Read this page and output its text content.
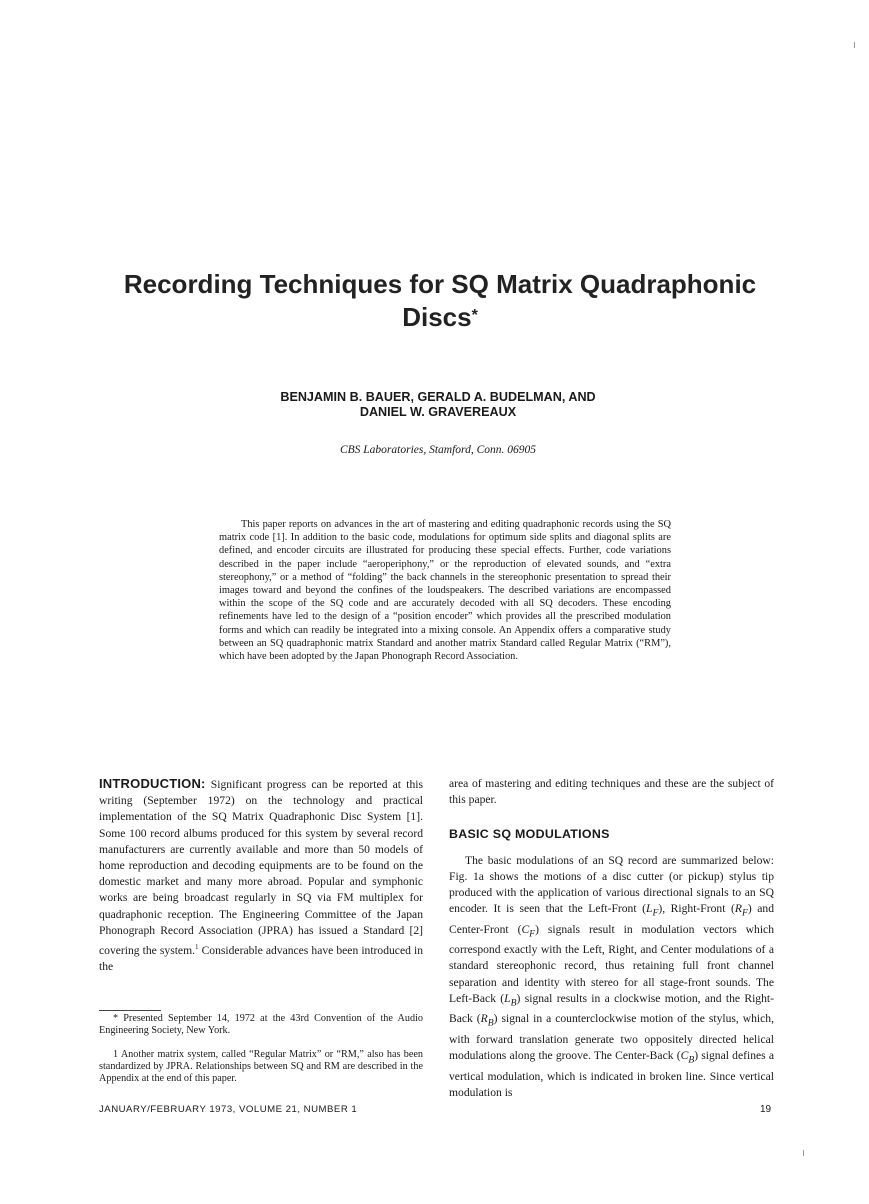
Recording Techniques for SQ Matrix Quadraphonic
Discs*
BENJAMIN B. BAUER, GERALD A. BUDELMAN, AND
DANIEL W. GRAVEREAUX
CBS Laboratories, Stamford, Conn. 06905
This paper reports on advances in the art of mastering and editing quadraphonic records using the SQ matrix code [1]. In addition to the basic code, modulations for optimum side splits and diagonal splits are defined, and encoder circuits are illustrated for producing these special effects. Further, code variations described in the paper include “aeroperiphony,” or the reproduction of elevated sounds, and “extra stereophony,” or a method of “folding” the back channels in the stereophonic presentation to spread their images toward and beyond the confines of the loudspeakers. The described variations are encompassed within the scope of the SQ code and are accurately decoded with all SQ decoders. These encoding refinements have led to the design of a “position encoder” which provides all the prescribed modulation forms and which can readily be integrated into a mixing console. An Appendix offers a comparative study between an SQ quadraphonic matrix Standard and another matrix Standard called Regular Matrix (“RM”), which have been adopted by the Japan Phonograph Record Association.

INTRODUCTION: Significant progress can be reported at this writing (September 1972) on the technology and practical implementation of the SQ Matrix Quadraphonic Disc System [1]. Some 100 record albums produced for this system by several record manufacturers are currently available and more than 50 models of home reproduction and decoding equipments are to be found on the domestic market and many more abroad. Popular and symphonic works are being broadcast regularly in SQ via FM multiplex for quadraphonic reception. The Engineering Committee of the Japan Phonograph Record Association (JPRA) has issued a Standard [2] covering the system.$^1$ Considerable advances have been introduced in the

* Presented September 14, 1972 at the 43rd Convention of the Audio Engineering Society, New York.
1 Another matrix system, called “Regular Matrix” or “RM,” also has been standardized by JPRA. Relationships between SQ and RM are described in the Appendix at the end of this paper.

area of mastering and editing techniques and these are the subject of this paper.

BASIC SQ MODULATIONS

The basic modulations of an SQ record are summarized below: Fig. 1a shows the motions of a disc cutter (or pickup) stylus tip produced with the application of various directional signals to an SQ encoder. It is seen that the Left-Front $(L_F)$, Right-Front $(R_F)$ and Center-Front $(C_F)$ signals result in modulation vectors which correspond exactly with the Left, Right, and Center modulations of a standard stereophonic record, thus retaining full front channel separation and identity with stereo for all stage-front sounds. The Left-Back $(L_B)$ signal results in a clockwise motion, and the Right-Back $(R_B)$ signal in a counterclockwise motion of the stylus, which, with forward translation generate two oppositely directed helical modulations along the groove. The Center-Back $(C_B)$ signal defines a vertical modulation, which is indicated in broken line. Since vertical modulation is

JANUARY/FEBRUARY 1973, VOLUME 21, NUMBER 1	19
